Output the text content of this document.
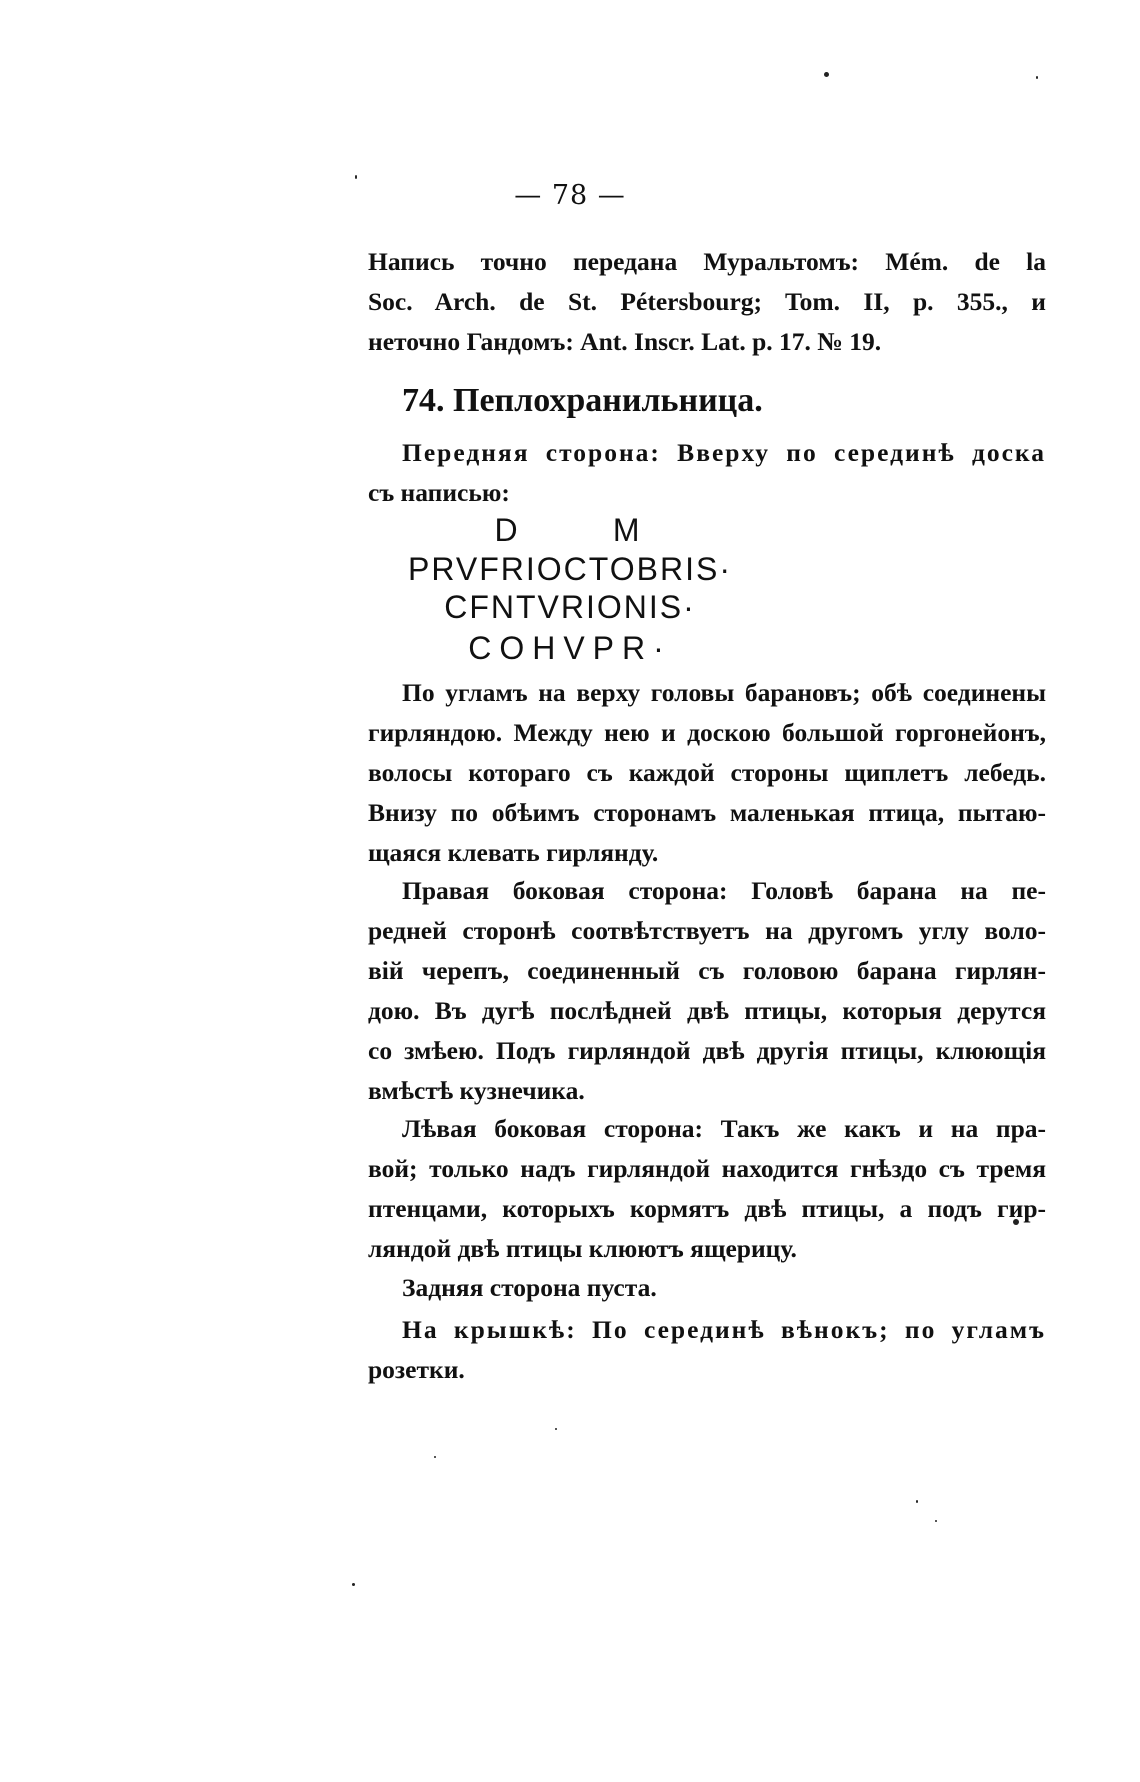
— 78 —

Напись точно передана Муральтомъ: Mém. de la

Soc. Arch. de St. Pétersbourg; Tom. II, p. 355., и

неточно Гандомъ: Ant. Inscr. Lat. p. 17. № 19.

74. Пеплохранильница.

Передняя сторона: Вверху по серединѣ доска

съ написью:

D      M
PRVFRIOCTOBRIS·
CFNTVRIONIS·
COHVPR·

По угламъ на верху головы барановъ; обѣ соединены

гирляндою. Между нею и доскою большой горгонейонъ,

волосы котораго съ каждой стороны щиплетъ лебедь.

Внизу по обѣимъ сторонамъ маленькая птица, пытаю-

щаяся клевать гирлянду.

Правая боковая сторона: Головѣ барана на пе-

редней сторонѣ соотвѣтствуетъ на другомъ углу воло-

вій черепъ, соединенный съ головою барана гирлян-

дою. Въ дугѣ послѣдней двѣ птицы, которыя дерутся

со змѣею. Подъ гирляндой двѣ другія птицы, клюющія

вмѣстѣ кузнечика.

Лѣвая боковая сторона: Такъ же какъ и на пра-

вой; только надъ гирляндой находится гнѣздо съ тремя

птенцами, которыхъ кормятъ двѣ птицы, а подъ гир-

ляндой двѣ птицы клюютъ ящерицу.

Задняя сторона пуста.

На крышкѣ: По серединѣ вѣнокъ; по угламъ

розетки.
